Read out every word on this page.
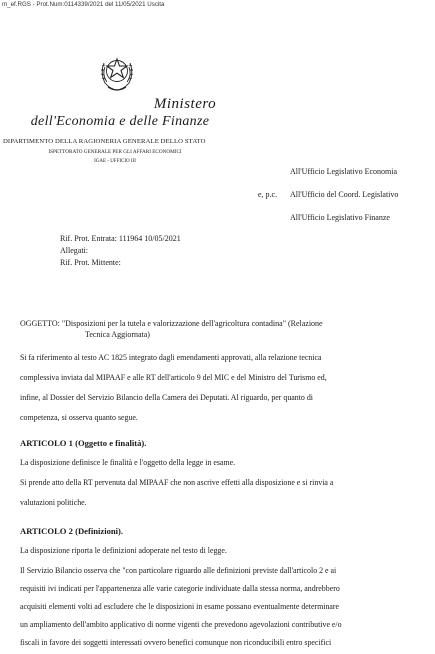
m_ef.RGS - Prot.Num:0114339/2021 del 11/05/2021 Uscita
Ministero
dell'Economia e delle Finanze
DIPARTIMENTO DELLA RAGIONERIA GENERALE DELLO STATO
ISPETTORATO GENERALE PER GLI AFFARI ECONOMICI
IGAE - UFFICIO III
All'Ufficio Legislativo Economia
e, p.c. All'Ufficio del Coord. Legislativo
All'Ufficio Legislativo Finanze
Rif. Prot. Entrata: 111964 10/05/2021
Allegati:
Rif. Prot. Mittente:
OGGETTO: "Disposizioni per la tutela e valorizzazione dell'agricoltura contadina" (Relazione
Tecnica Aggiornata)
Si fa riferimento al testo AC 1825 integrato dagli emendamenti approvati, alla relazione tecnica
complessiva inviata dal MIPAAF e alle RT dell'articolo 9 del MIC e del Ministro del Turismo ed,
infine, al Dossier del Servizio Bilancio della Camera dei Deputati. Al riguardo, per quanto di
competenza, si osserva quanto segue.
ARTICOLO 1 (Oggetto e finalità).
La disposizione definisce le finalità e l'oggetto della legge in esame.
Si prende atto della RT pervenuta dal MIPAAF che non ascrive effetti alla disposizione e si rinvia a
valutazioni politiche.
ARTICOLO 2 (Definizioni).
La disposizione riporta le definizioni adoperate nel testo di legge.
Il Servizio Bilancio osserva che "con particolare riguardo alle definizioni previste dall'articolo 2 e ai
requisiti ivi indicati per l'appartenenza alle varie categorie individuate dalla stessa norma, andrebbero
acquisiti elementi volti ad escludere che le disposizioni in esame possano eventualmente determinare
un ampliamento dell'ambito applicativo di norme vigenti che prevedono agevolazioni contributive e/o
fiscali in favore dei soggetti interessati ovvero benefici comunque non riconducibili entro specifici
